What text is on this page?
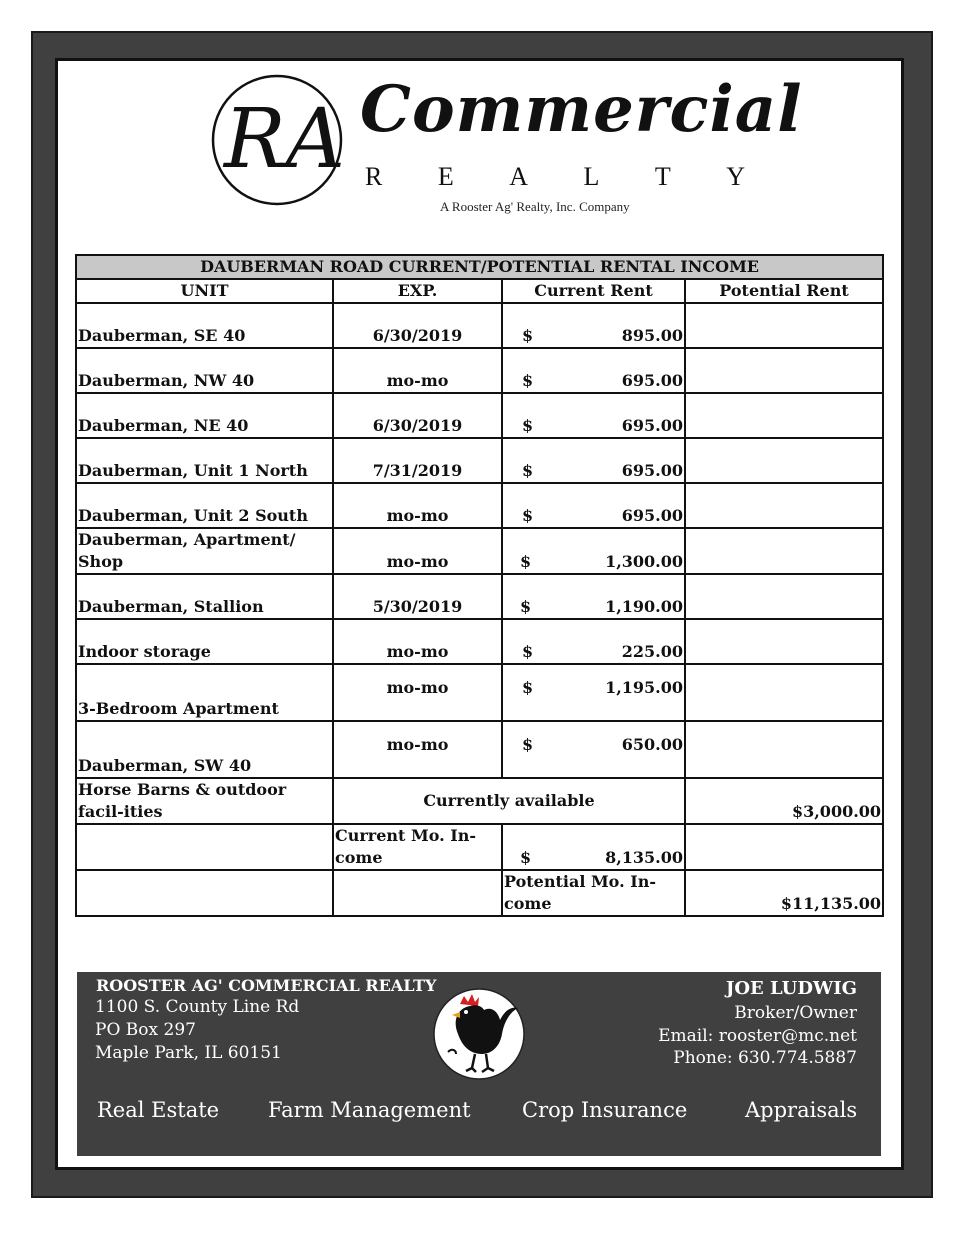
RA Commercial
R E A L T Y
A Rooster Ag' Realty, Inc. Company
DAUBERMAN ROAD CURRENT/POTENTIAL RENTAL INCOME			
UNIT	EXP.	Current Rent	Potential Rent
Dauberman, SE 40	6/30/2019	$ 895.00	

Dauberman, NW 40	mo-mo	$ 695.00	

Dauberman, NE 40	6/30/2019	$ 695.00	

Dauberman, Unit 1 North	7/31/2019	$ 695.00	

Dauberman, Unit 2 South	mo-mo	$ 695.00	

Dauberman, Apartment/ Shop	mo-mo	$ 1,300.00	

Dauberman, Stallion	5/30/2019	$ 1,190.00	

Indoor storage	mo-mo	$ 225.00	

3-Bedroom Apartment	mo-mo	$ 1,195.00	

Dauberman, SW 40	mo-mo	$ 650.00	

Horse Barns & outdoor facil-ities	Currently available		$3,000.00
	Current Mo. In-come	$ 8,135.00	

		Potential Mo. In-come	$11,135.00
ROOSTER AG' COMMERCIAL REALTY
1100 S. County Line Rd
PO Box 297
Maple Park, IL 60151
JOE LUDWIG
Broker/Owner
Email: rooster@mc.net
Phone: 630.774.5887
Real Estate Farm Management Crop Insurance	Appraisals
